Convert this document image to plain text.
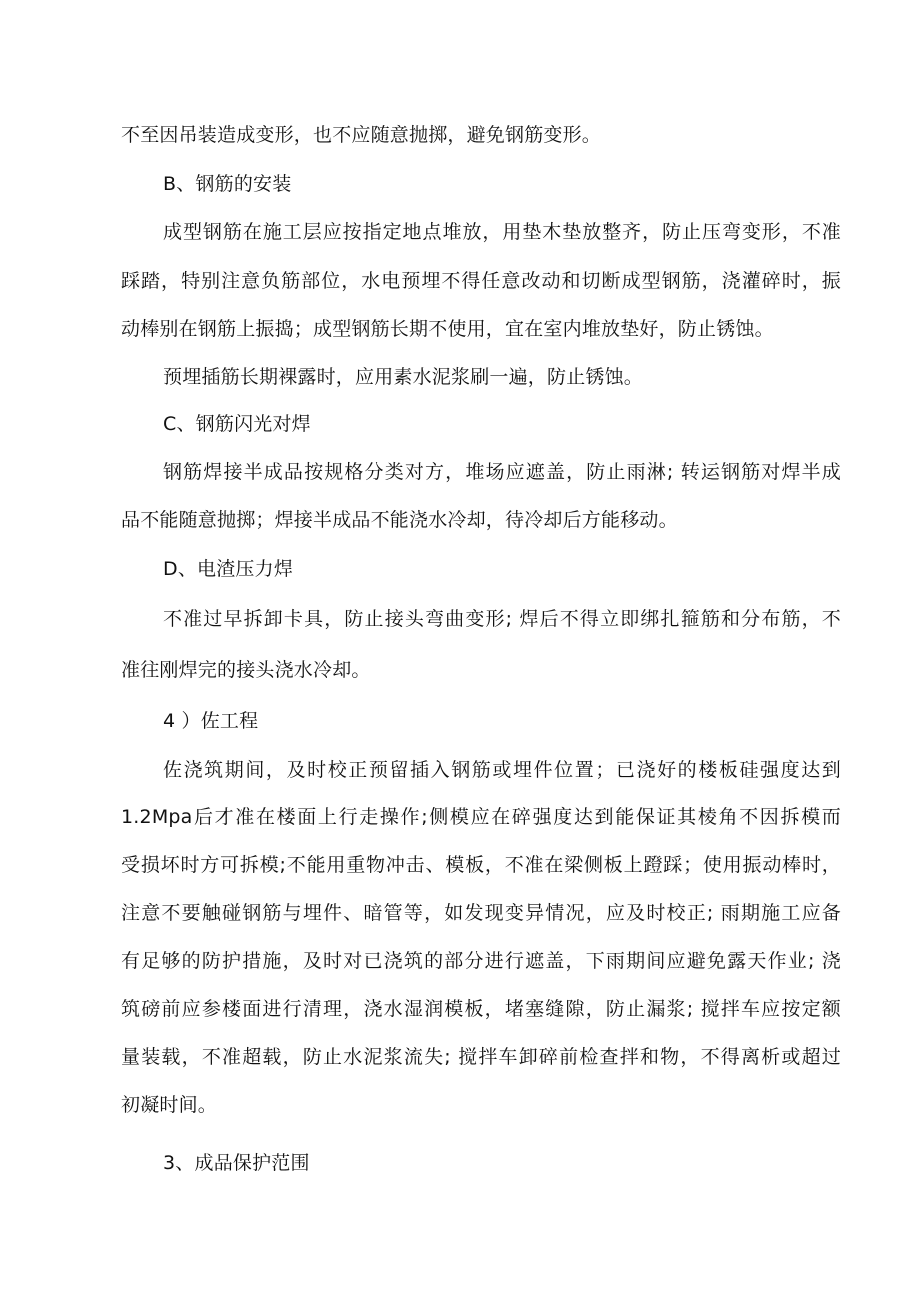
不至因吊装造成变形，也不应随意抛掷，避免钢筋变形。
B、钢筋的安装
成型钢筋在施工层应按指定地点堆放，用垫木垫放整齐，防止压弯变形，不准
踩踏，特别注意负筋部位，水电预埋不得任意改动和切断成型钢筋，浇灌碎时，振
动棒别在钢筋上振捣；成型钢筋长期不使用，宜在室内堆放垫好，防止锈蚀。
预埋插筋长期裸露时，应用素水泥浆刷一遍，防止锈蚀。
C、钢筋闪光对焊
钢筋焊接半成品按规格分类对方，堆场应遮盖，防止雨淋; 转运钢筋对焊半成
品不能随意抛掷；焊接半成品不能浇水冷却，待冷却后方能移动。
D、电渣压力焊
不准过早拆卸卡具，防止接头弯曲变形; 焊后不得立即绑扎箍筋和分布筋，不
准往刚焊完的接头浇水冷却。
4 ）佐工程
佐浇筑期间，及时校正预留插入钢筋或埋件位置；已浇好的楼板硅强度达到
1.2Mpa后才准在楼面上行走操作;侧模应在碎强度达到能保证其棱角不因拆模而
受损坏时方可拆模;不能用重物冲击、模板，不准在梁侧板上蹬踩；使用振动棒时，
注意不要触碰钢筋与埋件、暗管等，如发现变异情况，应及时校正; 雨期施工应备
有足够的防护措施，及时对已浇筑的部分进行遮盖，下雨期间应避免露天作业; 浇
筑磅前应参楼面进行清理，浇水湿润模板，堵塞缝隙，防止漏浆; 搅拌车应按定额
量装载，不准超载，防止水泥浆流失; 搅拌车卸碎前检查拌和物，不得离析或超过
初凝时间。
3、成品保护范围
